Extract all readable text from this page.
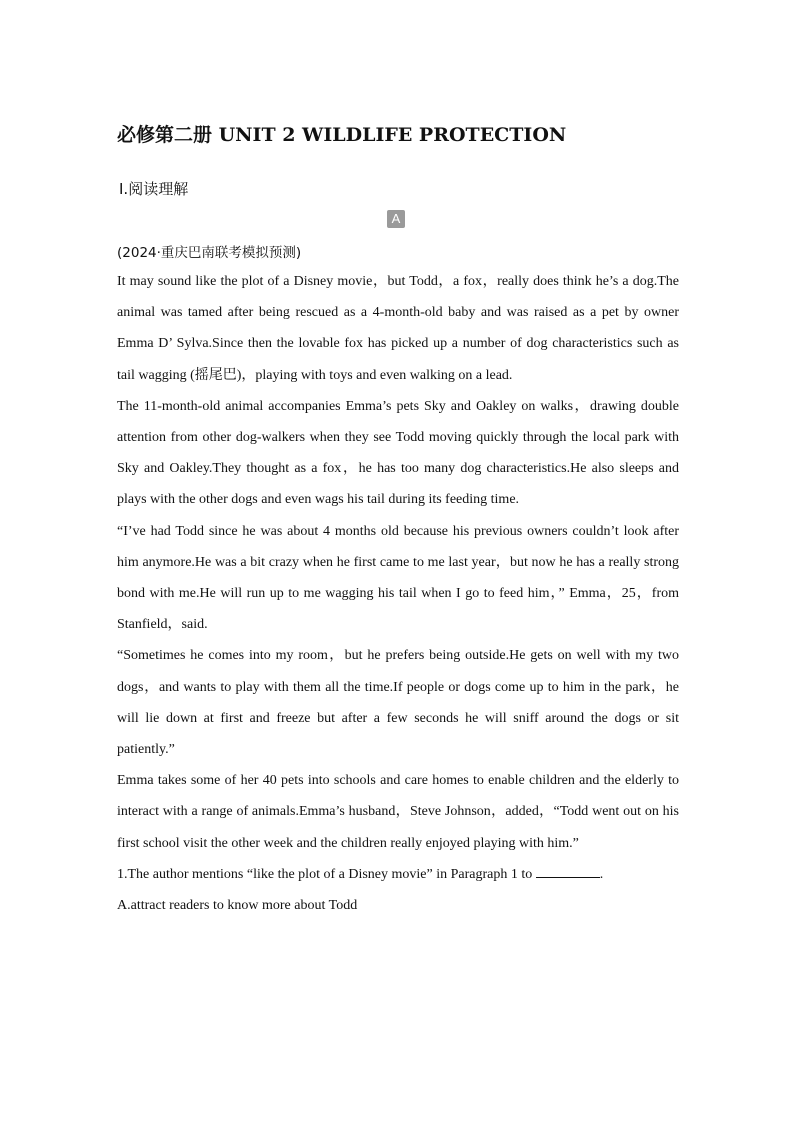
必修第二册 UNIT 2 WILDLIFE PROTECTION
Ⅰ.阅读理解
A
(2024·重庆巴南联考模拟预测)

It may sound like the plot of a Disney movie，but Todd，a fox，really does think he’s a dog.The animal was tamed after being rescued as a 4-month-old baby and was raised as a pet by owner Emma D’ Sylva.Since then the lovable fox has picked up a number of dog characteristics such as tail wagging (摇尾巴)，playing with toys and even walking on a lead.

The 11-month-old animal accompanies Emma’s pets Sky and Oakley on walks，drawing double attention from other dog-walkers when they see Todd moving quickly through the local park with Sky and Oakley.They thought as a fox，he has too many dog characteristics.He also sleeps and plays with the other dogs and even wags his tail during its feeding time.

“I’ve had Todd since he was about 4 months old because his previous owners couldn’t look after him anymore.He was a bit crazy when he first came to me last year，but now he has a really strong bond with me.He will run up to me wagging his tail when I go to feed him，” Emma，25，from Stanfield，said.

“Sometimes he comes into my room，but he prefers being outside.He gets on well with my two dogs，and wants to play with them all the time.If people or dogs come up to him in the park，he will lie down at first and freeze but after a few seconds he will sniff around the dogs or sit patiently.”

Emma takes some of her 40 pets into schools and care homes to enable children and the elderly to interact with a range of animals.Emma’s husband，Steve Johnson，added，“Todd went out on his first school visit the other week and the children really enjoyed playing with him.”

1.The author mentions “like the plot of a Disney movie” in Paragraph 1 to	.

A.attract readers to know more about Todd
